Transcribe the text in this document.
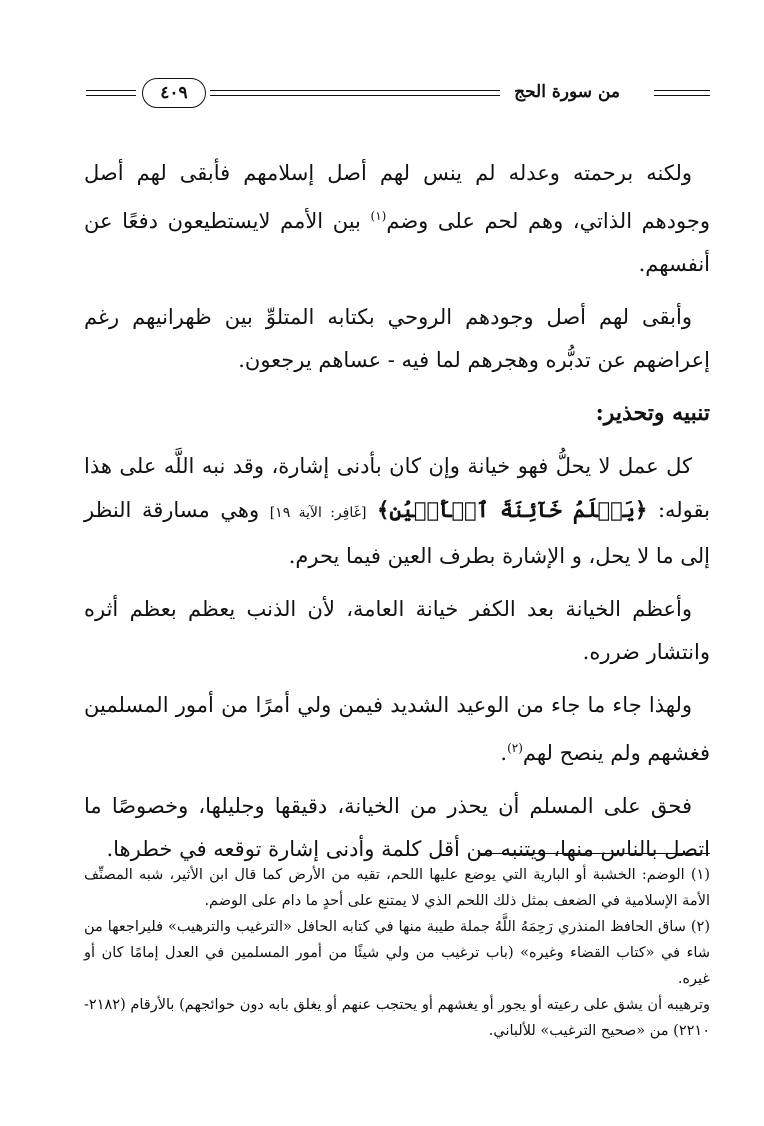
من سورة الحج
٤٠٩

ولكنه برحمته وعدله لم ينس لهم أصل إسلامهم فأبقى لهم أصل وجودهم الذاتي، وهم لحم على وضم$^{(١)}$ بين الأمم لايستطيعون دفعًا عن أنفسهم.

وأبقى لهم أصل وجودهم الروحي بكتابه المتلوِّ بين ظهرانيهم رغم إعراضهم عن تدبُّره وهجرهم لما فيه - عساهم يرجعون.

تنبيه وتحذير:

كل عمل لا يحلُّ فهو خيانة وإن كان بأدنى إشارة، وقد نبه اللَّه على هذا بقوله: ﴿يَعۡلَمُ خَآئِنَةَ ٱلۡأَعۡيُنِ﴾ [غَافِر: الآية ١٩] وهي مسارقة النظر إلى ما لا يحل، و الإشارة بطرف العين فيما يحرم.

وأعظم الخيانة بعد الكفر خيانة العامة، لأن الذنب يعظم بعظم أثره وانتشار ضرره.

ولهذا جاء ما جاء من الوعيد الشديد فيمن ولي أمرًا من أمور المسلمين فغشهم ولم ينصح لهم$^{(٢)}$.

فحق على المسلم أن يحذر من الخيانة، دقيقها وجليلها، وخصوصًا ما اتصل بالناس منها، ويتنبه من أقل كلمة وأدنى إشارة توقعه في خطرها.

(١) الوضم: الخشبة أو البارية التي يوضع عليها اللحم، تقيه من الأرض كما قال ابن الأثير، شبه المصنِّف الأمة الإسلامية في الضعف بمثل ذلك اللحم الذي لا يمتنع على أحدٍ ما دام على الوضم.

(٢) ساق الحافظ المنذري رَحِمَهُ اللَّهُ جملة طيبة منها في كتابه الحافل «الترغيب والترهيب» فليراجعها من شاء في «كتاب القضاء وغيره» (باب ترغيب من ولي شيئًا من أمور المسلمين في العدل إمامًا كان أو غيره.

وترهيبه أن يشق على رعيته أو يجور أو يغشهم أو يحتجب عنهم أو يغلق بابه دون حوائجهم) بالأرقام (٢١٨٢- ٢٢١٠) من «صحيح الترغيب» للألباني.
